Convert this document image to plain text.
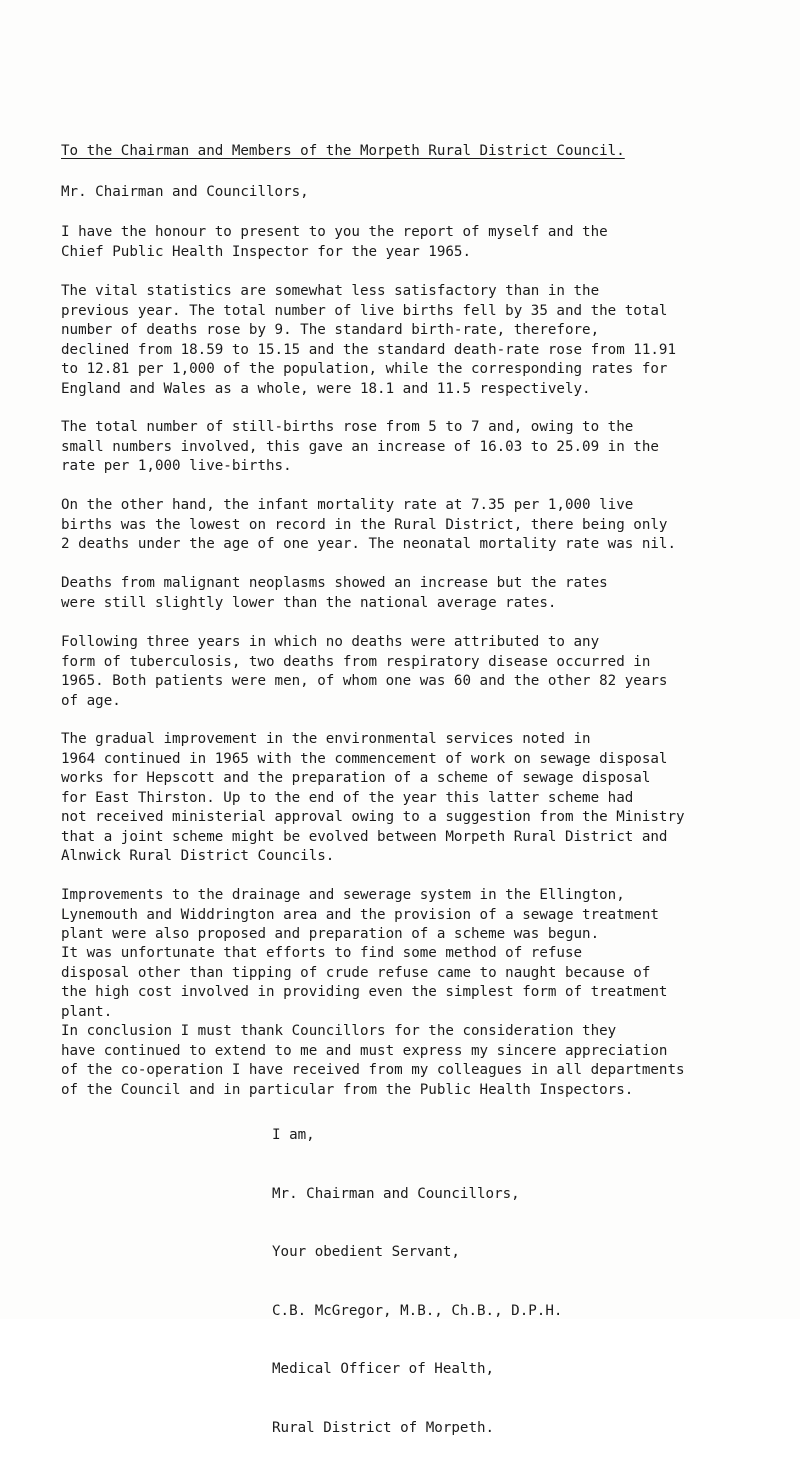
To the Chairman and Members of the Morpeth Rural District Council.
Mr. Chairman and Councillors,

I have the honour to present to you the report of myself and the
Chief Public Health Inspector for the year 1965.

The vital statistics are somewhat less satisfactory than in the
previous year. The total number of live births fell by 35 and the total
number of deaths rose by 9. The standard birth-rate, therefore,
declined from 18.59 to 15.15 and the standard death-rate rose from 11.91
to 12.81 per 1,000 of the population, while the corresponding rates for
England and Wales as a whole, were 18.1 and 11.5 respectively.

The total number of still-births rose from 5 to 7 and, owing to the
small numbers involved, this gave an increase of 16.03 to 25.09 in the
rate per 1,000 live-births.

On the other hand, the infant mortality rate at 7.35 per 1,000 live
births was the lowest on record in the Rural District, there being only
2 deaths under the age of one year. The neonatal mortality rate was nil.

Deaths from malignant neoplasms showed an increase but the rates
were still slightly lower than the national average rates.

Following three years in which no deaths were attributed to any
form of tuberculosis, two deaths from respiratory disease occurred in
1965. Both patients were men, of whom one was 60 and the other 82 years
of age.

The gradual improvement in the environmental services noted in
1964 continued in 1965 with the commencement of work on sewage disposal
works for Hepscott and the preparation of a scheme of sewage disposal
for East Thirston. Up to the end of the year this latter scheme had
not received ministerial approval owing to a suggestion from the Ministry
that a joint scheme might be evolved between Morpeth Rural District and
Alnwick Rural District Councils.

Improvements to the drainage and sewerage system in the Ellington,
Lynemouth and Widdrington area and the provision of a sewage treatment
plant were also proposed and preparation of a scheme was begun.

It was unfortunate that efforts to find some method of refuse
disposal other than tipping of crude refuse came to naught because of
the high cost involved in providing even the simplest form of treatment
plant.

In conclusion I must thank Councillors for the consideration they
have continued to extend to me and must express my sincere appreciation
of the co-operation I have received from my colleagues in all departments
of the Council and in particular from the Public Health Inspectors.

I am,

Mr. Chairman and Councillors,

Your obedient Servant,

C.B. McGregor, M.B., Ch.B., D.P.H.

Medical Officer of Health,

Rural District of Morpeth.
